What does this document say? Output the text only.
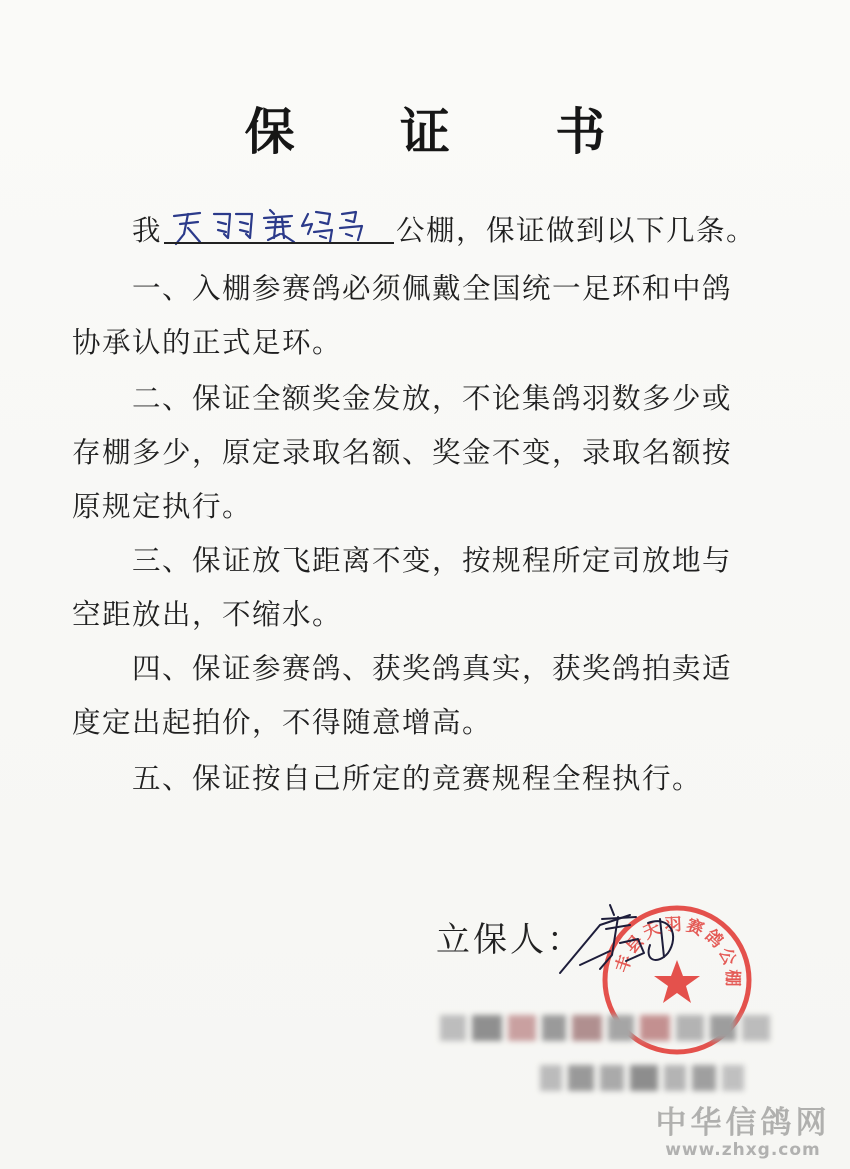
保 证 书
我	公棚，保证做到以下几条。
一、入棚参赛鸽必须佩戴全国统一足环和中鸽
协承认的正式足环。
二、保证全额奖金发放，不论集鸽羽数多少或
存棚多少，原定录取名额、奖金不变，录取名额按
原规定执行。
三、保证放飞距离不变，按规程所定司放地与
空距放出，不缩水。
四、保证参赛鸽、获奖鸽真实，获奖鸽拍卖适
度定出起拍价，不得随意增高。
五、保证按自己所定的竞赛规程全程执行。
立保人：
丰县天羽赛鸽公棚
中华信鸽网
www.zhxg.com
